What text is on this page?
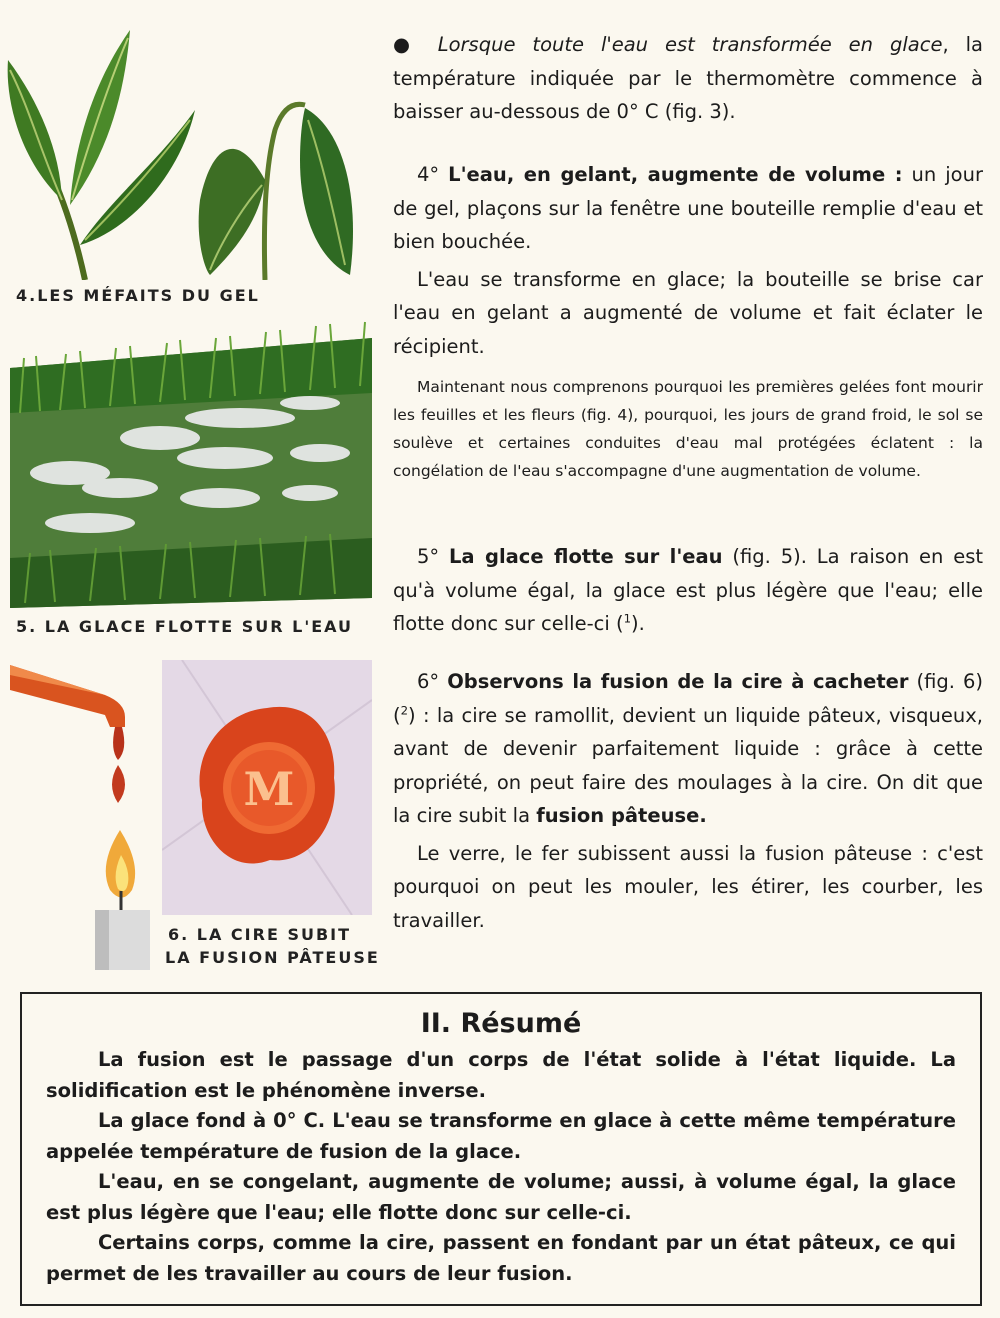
4.LES MÉFAITS DU GEL
5. LA GLACE FLOTTE SUR L'EAU
M
6. LA CIRE SUBIT
LA FUSION PÂTEUSE

● Lorsque toute l'eau est transformée en glace, la température indiquée par le thermomètre commence à baisser au-dessous de 0° C (fig. 3).

4° L'eau, en gelant, augmente de volume : un jour de gel, plaçons sur la fenêtre une bouteille remplie d'eau et bien bouchée.

L'eau se transforme en glace; la bouteille se brise car l'eau en gelant a augmenté de volume et fait éclater le récipient.

Maintenant nous comprenons pourquoi les premières gelées font mourir les feuilles et les fleurs (fig. 4), pourquoi, les jours de grand froid, le sol se soulève et certaines conduites d'eau mal protégées éclatent : la congélation de l'eau s'accompagne d'une augmentation de volume.

5° La glace flotte sur l'eau (fig. 5). La raison en est qu'à volume égal, la glace est plus légère que l'eau; elle flotte donc sur celle-ci ($^1$).

6° Observons la fusion de la cire à cacheter (fig. 6) ($^2$) : la cire se ramollit, devient un liquide pâteux, visqueux, avant de devenir parfaitement liquide : grâce à cette propriété, on peut faire des moulages à la cire. On dit que la cire subit la fusion pâteuse.

Le verre, le fer subissent aussi la fusion pâteuse : c'est pourquoi on peut les mouler, les étirer, les courber, les travailler.

II. Résumé

La fusion est le passage d'un corps de l'état solide à l'état liquide. La solidification est le phénomène inverse.

La glace fond à 0° C. L'eau se transforme en glace à cette même température appelée température de fusion de la glace.

L'eau, en se congelant, augmente de volume; aussi, à volume égal, la glace est plus légère que l'eau; elle flotte donc sur celle-ci.

Certains corps, comme la cire, passent en fondant par un état pâteux, ce qui permet de les travailler au cours de leur fusion.
